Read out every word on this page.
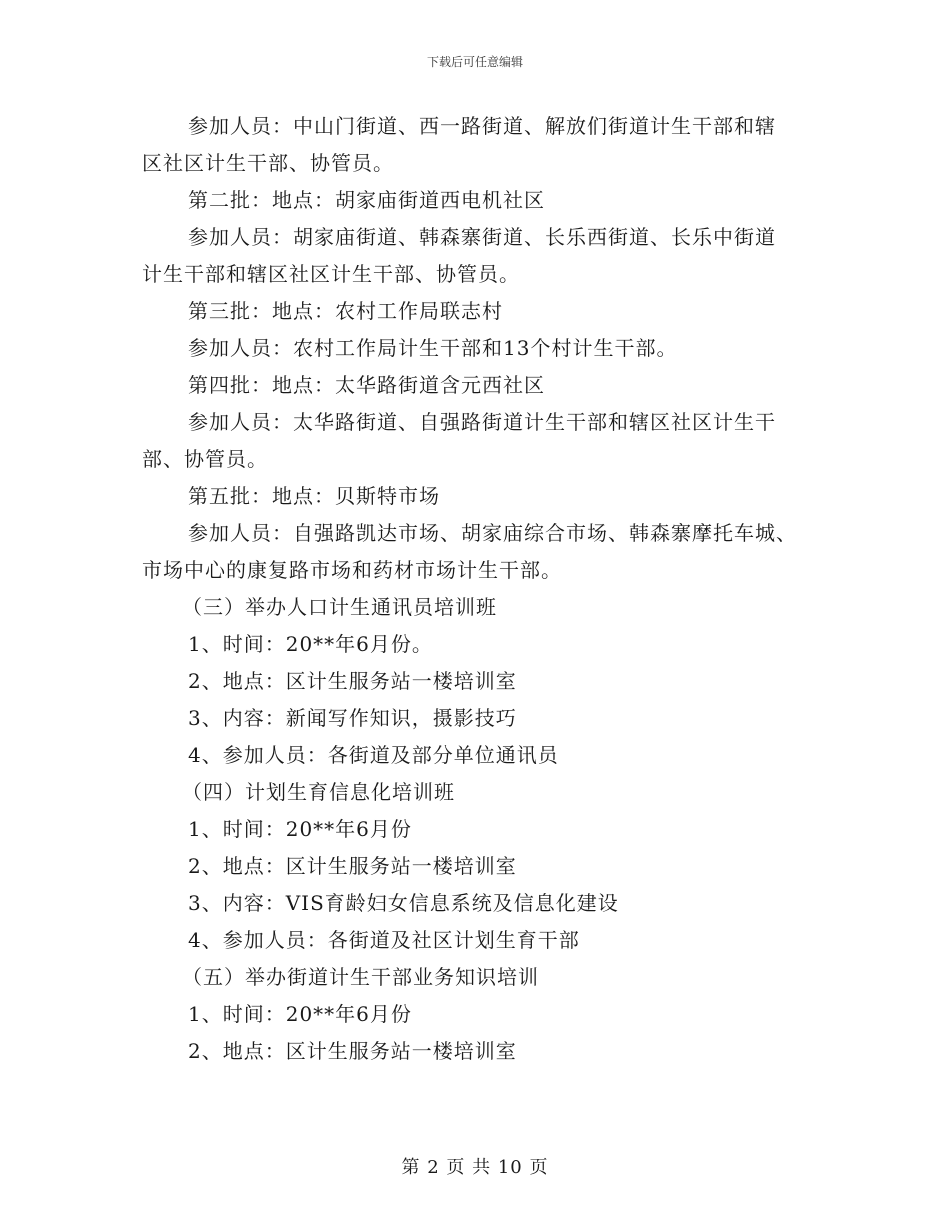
下载后可任意编辑
参加人员：中山门街道、西一路街道、解放们街道计生干部和辖
区社区计生干部、协管员。
第二批：地点：胡家庙街道西电机社区
参加人员：胡家庙街道、韩森寨街道、长乐西街道、长乐中街道
计生干部和辖区社区计生干部、协管员。
第三批：地点：农村工作局联志村
参加人员：农村工作局计生干部和13个村计生干部。
第四批：地点：太华路街道含元西社区
参加人员：太华路街道、自强路街道计生干部和辖区社区计生干
部、协管员。
第五批：地点：贝斯特市场
参加人员：自强路凯达市场、胡家庙综合市场、韩森寨摩托车城、
市场中心的康复路市场和药材市场计生干部。
（三）举办人口计生通讯员培训班
1、时间：20**年6月份。
2、地点：区计生服务站一楼培训室
3、内容：新闻写作知识，摄影技巧
4、参加人员：各街道及部分单位通讯员
（四）计划生育信息化培训班
1、时间：20**年6月份
2、地点：区计生服务站一楼培训室
3、内容：VIS育龄妇女信息系统及信息化建设
4、参加人员：各街道及社区计划生育干部
（五）举办街道计生干部业务知识培训
1、时间：20**年6月份
2、地点：区计生服务站一楼培训室
第 2 页 共 10 页
